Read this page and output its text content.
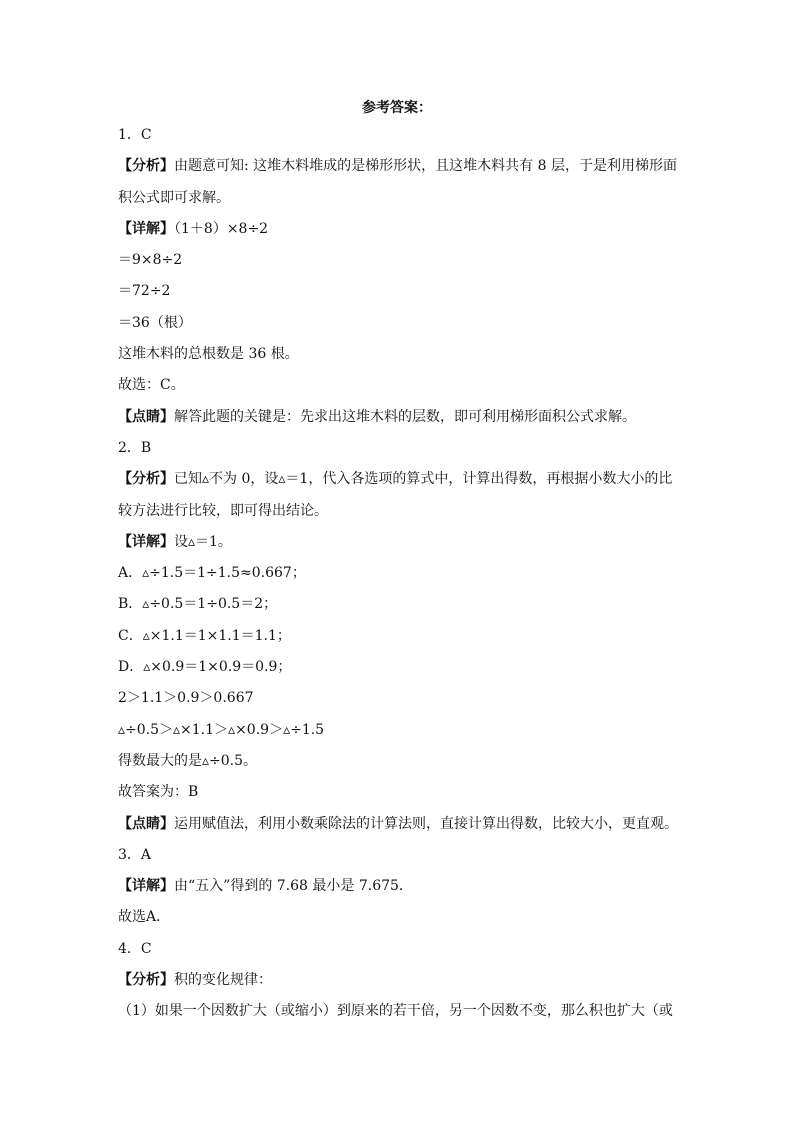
参考答案：
1．C
【分析】由题意可知: 这堆木料堆成的是梯形形状，且这堆木料共有 8 层，于是利用梯形面
积公式即可求解。
【详解】（1＋8）×8÷2
＝9×8÷2
＝72÷2
＝36（根）
这堆木料的总根数是 36 根。
故选：C。
【点睛】解答此题的关键是：先求出这堆木料的层数，即可利用梯形面积公式求解。
2．B
【分析】已知▵不为 0，设▵＝1，代入各选项的算式中，计算出得数，再根据小数大小的比
较方法进行比较，即可得出结论。
【详解】设▵＝1。
A．▵÷1.5＝1÷1.5≈0.667；
B．▵÷0.5＝1÷0.5＝2；
C．▵×1.1＝1×1.1＝1.1；
D．▵×0.9＝1×0.9＝0.9；
2＞1.1＞0.9＞0.667
▵÷0.5＞▵×1.1＞▵×0.9＞▵÷1.5
得数最大的是▵÷0.5。
故答案为：B
【点睛】运用赋值法，利用小数乘除法的计算法则，直接计算出得数，比较大小，更直观。
3．A
【详解】由“五入”得到的 7.68 最小是 7.675．
故选A．
4．C
【分析】积的变化规律：
（1）如果一个因数扩大（或缩小）到原来的若干倍，另一个因数不变，那么积也扩大（或
